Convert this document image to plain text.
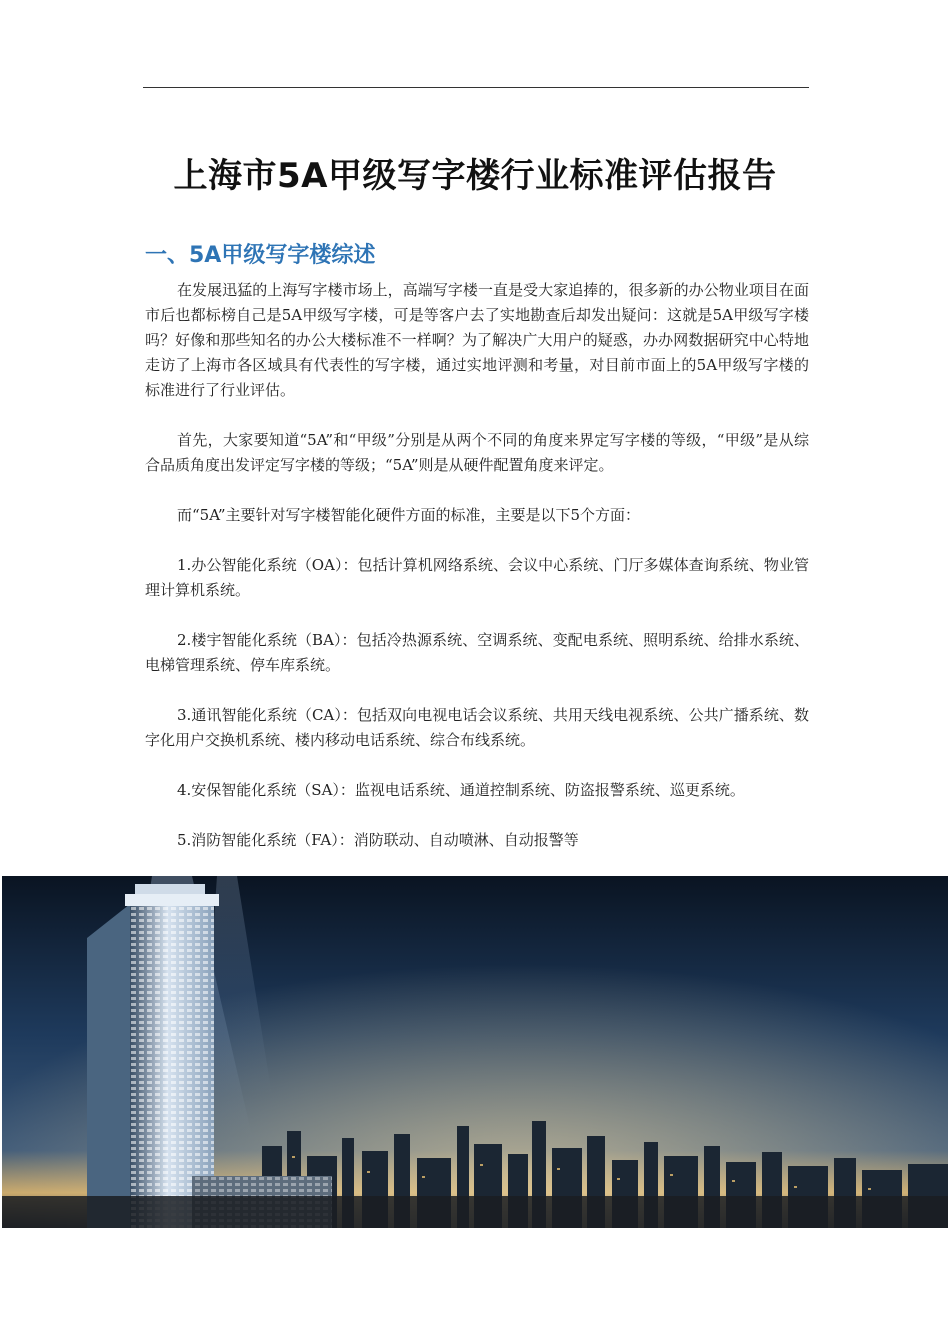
上海市5A甲级写字楼行业标准评估报告
一、5A甲级写字楼综述

在发展迅猛的上海写字楼市场上，高端写字楼一直是受大家追捧的，很多新的办公物业项目在面市后也都标榜自己是5A甲级写字楼，可是等客户去了实地勘查后却发出疑问：这就是5A甲级写字楼吗？好像和那些知名的办公大楼标准不一样啊？为了解决广大用户的疑惑，办办网数据研究中心特地走访了上海市各区域具有代表性的写字楼，通过实地评测和考量，对目前市面上的5A甲级写字楼的标准进行了行业评估。

首先，大家要知道“5A”和“甲级”分别是从两个不同的角度来界定写字楼的等级，“甲级”是从综合品质角度出发评定写字楼的等级；“5A”则是从硬件配置角度来评定。

而“5A”主要针对写字楼智能化硬件方面的标准，主要是以下5个方面：

1.办公智能化系统（OA）：包括计算机网络系统、会议中心系统、门厅多媒体查询系统、物业管理计算机系统。

2.楼宇智能化系统（BA）：包括冷热源系统、空调系统、变配电系统、照明系统、给排水系统、电梯管理系统、停车库系统。

3.通讯智能化系统（CA）：包括双向电视电话会议系统、共用天线电视系统、公共广播系统、数字化用户交换机系统、楼内移动电话系统、综合布线系统。

4.安保智能化系统（SA）：监视电话系统、通道控制系统、防盗报警系统、巡更系统。

5.消防智能化系统（FA）：消防联动、自动喷淋、自动报警等
